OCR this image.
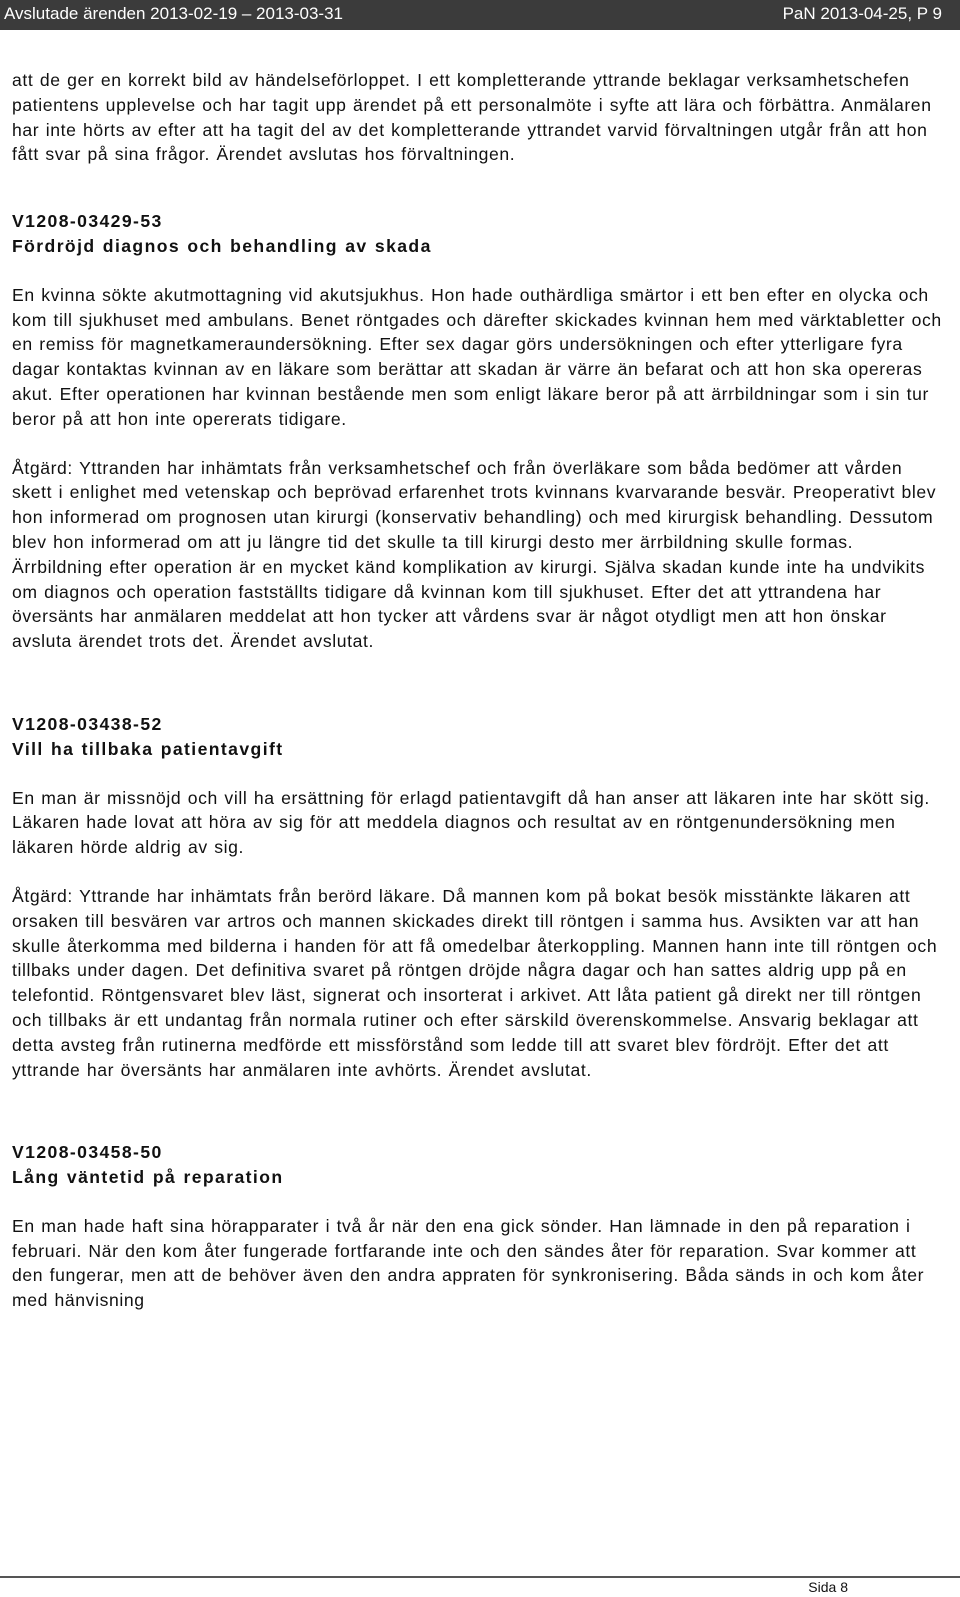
Avslutade ärenden 2013-02-19 – 2013-03-31	PaN 2013-04-25, P 9

att de ger en korrekt bild av händelseförloppet. I ett kompletterande yttrande beklagar verksamhetschefen patientens upplevelse och har tagit upp ärendet på ett personalmöte i syfte att lära och förbättra. Anmälaren har inte hörts av efter att ha tagit del av det kompletterande yttrandet varvid förvaltningen utgår från att hon fått svar på sina frågor. Ärendet avslutas hos förvaltningen.

V1208-03429-53

Fördröjd diagnos och behandling av skada

En kvinna sökte akutmottagning vid akutsjukhus. Hon hade outhärdliga smärtor i ett ben efter en olycka och kom till sjukhuset med ambulans. Benet röntgades och därefter skickades kvinnan hem med värktabletter och en remiss för magnetkameraundersökning. Efter sex dagar görs undersökningen och efter ytterligare fyra dagar kontaktas kvinnan av en läkare som berättar att skadan är värre än befarat och att hon ska opereras akut. Efter operationen har kvinnan bestående men som enligt läkare beror på att ärrbildningar som i sin tur beror på att hon inte opererats tidigare.

Åtgärd: Yttranden har inhämtats från verksamhetschef och från överläkare som båda bedömer att vården skett i enlighet med vetenskap och beprövad erfarenhet trots kvinnans kvarvarande besvär. Preoperativt blev hon informerad om prognosen utan kirurgi (konservativ behandling) och med kirurgisk behandling. Dessutom blev hon informerad om att ju längre tid det skulle ta till kirurgi desto mer ärrbildning skulle formas. Ärrbildning efter operation är en mycket känd komplikation av kirurgi. Själva skadan kunde inte ha undvikits om diagnos och operation fastställts tidigare då kvinnan kom till sjukhuset. Efter det att yttrandena har översänts har anmälaren meddelat att hon tycker att vårdens svar är något otydligt men att hon önskar avsluta ärendet trots det. Ärendet avslutat.

V1208-03438-52

Vill ha tillbaka patientavgift

En man är missnöjd och vill ha ersättning för erlagd patientavgift då han anser att läkaren inte har skött sig. Läkaren hade lovat att höra av sig för att meddela diagnos och resultat av en röntgenundersökning men läkaren hörde aldrig av sig.

Åtgärd: Yttrande har inhämtats från berörd läkare. Då mannen kom på bokat besök misstänkte läkaren att orsaken till besvären var artros och mannen skickades direkt till röntgen i samma hus. Avsikten var att han skulle återkomma med bilderna i handen för att få omedelbar återkoppling. Mannen hann inte till röntgen och tillbaks under dagen. Det definitiva svaret på röntgen dröjde några dagar och han sattes aldrig upp på en telefontid. Röntgensvaret blev läst, signerat och insorterat i arkivet. Att låta patient gå direkt ner till röntgen och tillbaks är ett undantag från normala rutiner och efter särskild överenskommelse. Ansvarig beklagar att detta avsteg från rutinerna medförde ett missförstånd som ledde till att svaret blev fördröjt. Efter det att yttrande har översänts har anmälaren inte avhörts. Ärendet avslutat.

V1208-03458-50

Lång väntetid på reparation

En man hade haft sina hörapparater i två år när den ena gick sönder. Han lämnade in den på reparation i februari. När den kom åter fungerade fortfarande inte och den sändes åter för reparation. Svar kommer att den fungerar, men att de behöver även den andra appraten för synkronisering. Båda sänds in och kom åter med hänvisning

Sida 8
